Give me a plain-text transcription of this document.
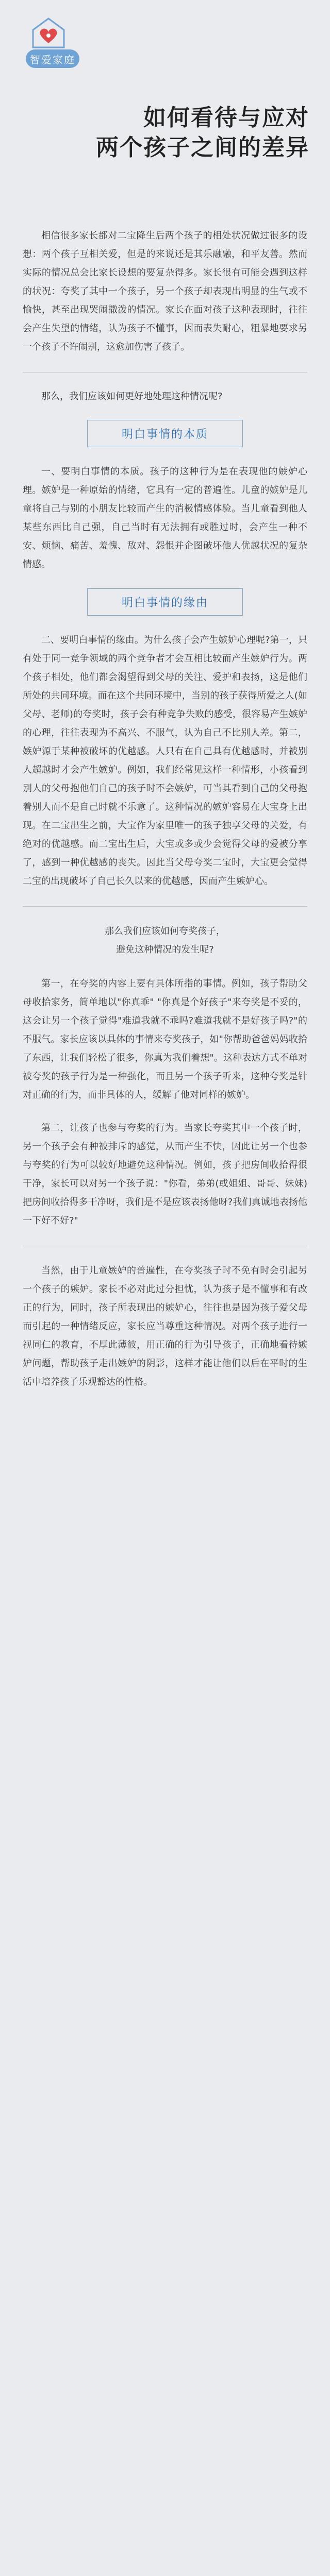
智爱家庭
如何看待与应对
两个孩子之间的差异

相信很多家长都对二宝降生后两个孩子的相处状况做过很多的设想：两个孩子互相关爱，但是的来说还是其乐融融，和平友善。然而实际的情况总会比家长设想的要复杂得多。家长很有可能会遇到这样的状况：夸奖了其中一个孩子，另一个孩子却表现出明显的生气或不愉快，甚至出现哭闹撒泼的情况。家长在面对孩子这种表现时，往往会产生失望的情绪，认为孩子不懂事，因而表失耐心，粗暴地要求另一个孩子不许闹别，这愈加伤害了孩子。

那么，我们应该如何更好地处理这种情况呢?

明白事情的本质

一、要明白事情的本质。孩子的这种行为是在表现他的嫉妒心理。嫉妒是一种原始的情绪，它具有一定的普遍性。儿童的嫉妒是儿童将自己与别的小朋友比较而产生的消极情感体验。当儿童看到他人某些东西比自己强，自己当时有无法拥有或胜过时，会产生一种不安、烦恼、痛苦、羞愧、敌对、怨恨并企图破坏他人优越状况的复杂情感。

明白事情的缘由

二、要明白事情的缘由。为什么孩子会产生嫉妒心理呢?第一，只有处于同一竞争领域的两个竞争者才会互相比较而产生嫉妒行为。两个孩子相处，他们都会渴望得到父母的关注、爱护和表扬，这是他们所处的共同环境。而在这个共同环境中，当别的孩子获得所爱之人(如父母、老师)的夸奖时，孩子会有种竞争失败的感受，很容易产生嫉妒的心理，往往表现为不高兴、不服气，认为自己不比别人差。第二，嫉妒源于某种被破坏的优越感。人只有在自己具有优越感时，并被别人超越时才会产生嫉妒。例如，我们经常见这样一种情形，小孩看到别人的父母抱他们自己的孩子时不会嫉妒，可当其看到自己的父母抱着别人而不是自己时就不乐意了。这种情况的嫉妒容易在大宝身上出现。在二宝出生之前，大宝作为家里唯一的孩子独享父母的关爱，有绝对的优越感。而二宝出生后，大宝或多或少会觉得父母的爱被分享了，感到一种优越感的丧失。因此当父母夸奖二宝时，大宝更会觉得二宝的出现破坏了自己长久以来的优越感，因而产生嫉妒心。

那么我们应该如何夸奖孩子，
避免这种情况的发生呢?

第一，在夸奖的内容上要有具体所指的事情。例如，孩子帮助父母收拾家务，简单地以"你真乖" "你真是个好孩子"来夸奖是不妥的，这会让另一个孩子觉得"难道我就不乖吗?难道我就不是好孩子吗?"的不服气。家长应该以具体的事情来夸奖孩子，如"你帮助爸爸妈妈收拾了东西，让我们轻松了很多，你真为我们着想"。这种表达方式不单对被夸奖的孩子行为是一种强化，而且另一个孩子听来，这种夸奖是针对正确的行为，而非具体的人，缓解了他对同样的嫉妒。

第二，让孩子也参与夸奖的行为。当家长夸奖其中一个孩子时，另一个孩子会有种被排斥的感觉，从而产生不快，因此让另一个也参与夸奖的行为可以较好地避免这种情况。例如，孩子把房间收拾得很干净，家长可以对另一个孩子说："你看，弟弟(或姐姐、哥哥、妹妹)把房间收拾得多干净呀，我们是不是应该表扬他呀?我们真诚地表扬他一下好不好?"

当然，由于儿童嫉妒的普遍性，在夸奖孩子时不免有时会引起另一个孩子的嫉妒。家长不必对此过分担忧，认为孩子是不懂事和有改正的行为，同时，孩子所表现出的嫉妒心，往往也是因为孩子爱父母而引起的一种情绪反应，家长应当尊重这种情况。对两个孩子进行一视同仁的教育，不厚此薄彼，用正确的行为引导孩子，正确地看待嫉妒问题，帮助孩子走出嫉妒的阴影，这样才能让他们以后在平时的生活中培养孩子乐观豁达的性格。
